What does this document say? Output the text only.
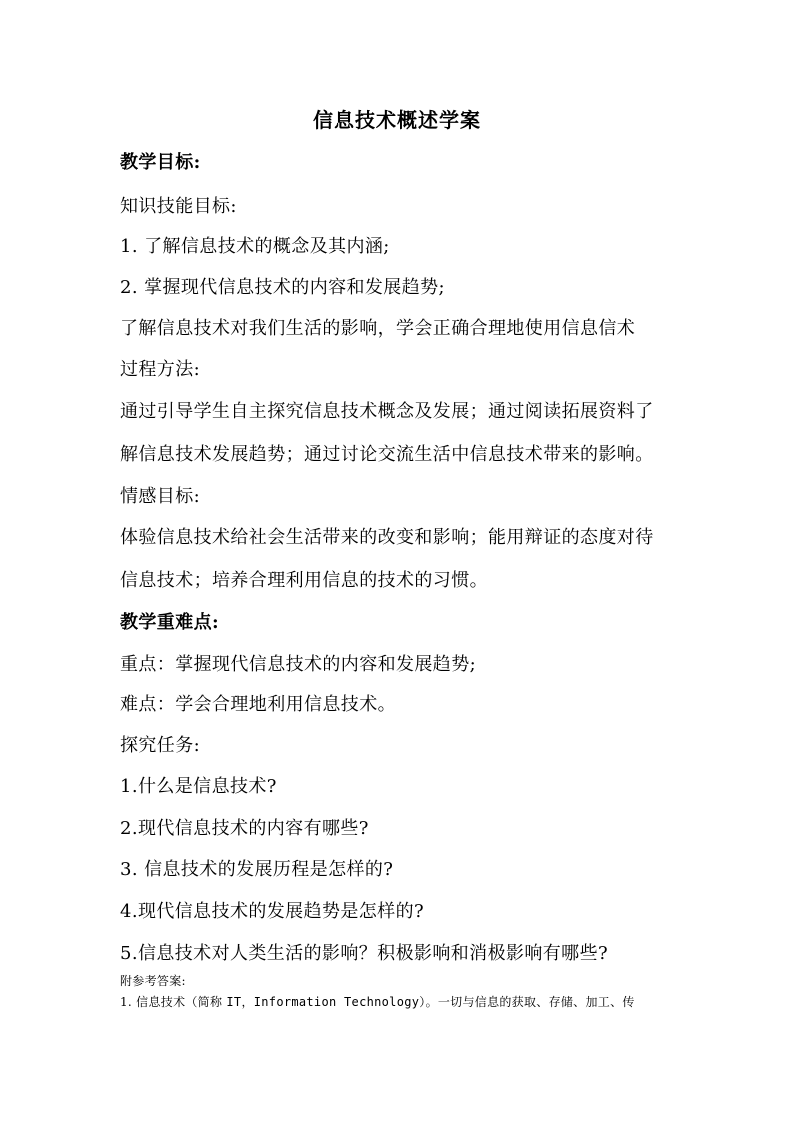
信息技术概述学案
教学目标:
知识技能目标:
1. 了解信息技术的概念及其内涵;
2. 掌握现代信息技术的内容和发展趋势;
了解信息技术对我们生活的影响，学会正确合理地使用信息信术
过程方法:
通过引导学生自主探究信息技术概念及发展；通过阅读拓展资料了
解信息技术发展趋势；通过讨论交流生活中信息技术带来的影响。
情感目标:
体验信息技术给社会生活带来的改变和影响；能用辩证的态度对待
信息技术；培养合理利用信息的技术的习惯。
教学重难点:
重点：掌握现代信息技术的内容和发展趋势;
难点：学会合理地利用信息技术。
探究任务:
1.什么是信息技术?
2.现代信息技术的内容有哪些?
3. 信息技术的发展历程是怎样的?
4.现代信息技术的发展趋势是怎样的?
5.信息技术对人类生活的影响？积极影响和消极影响有哪些?
附参考答案:
1. 信息技术（简称 IT，Information Technology）。一切与信息的获取、存储、加工、传
